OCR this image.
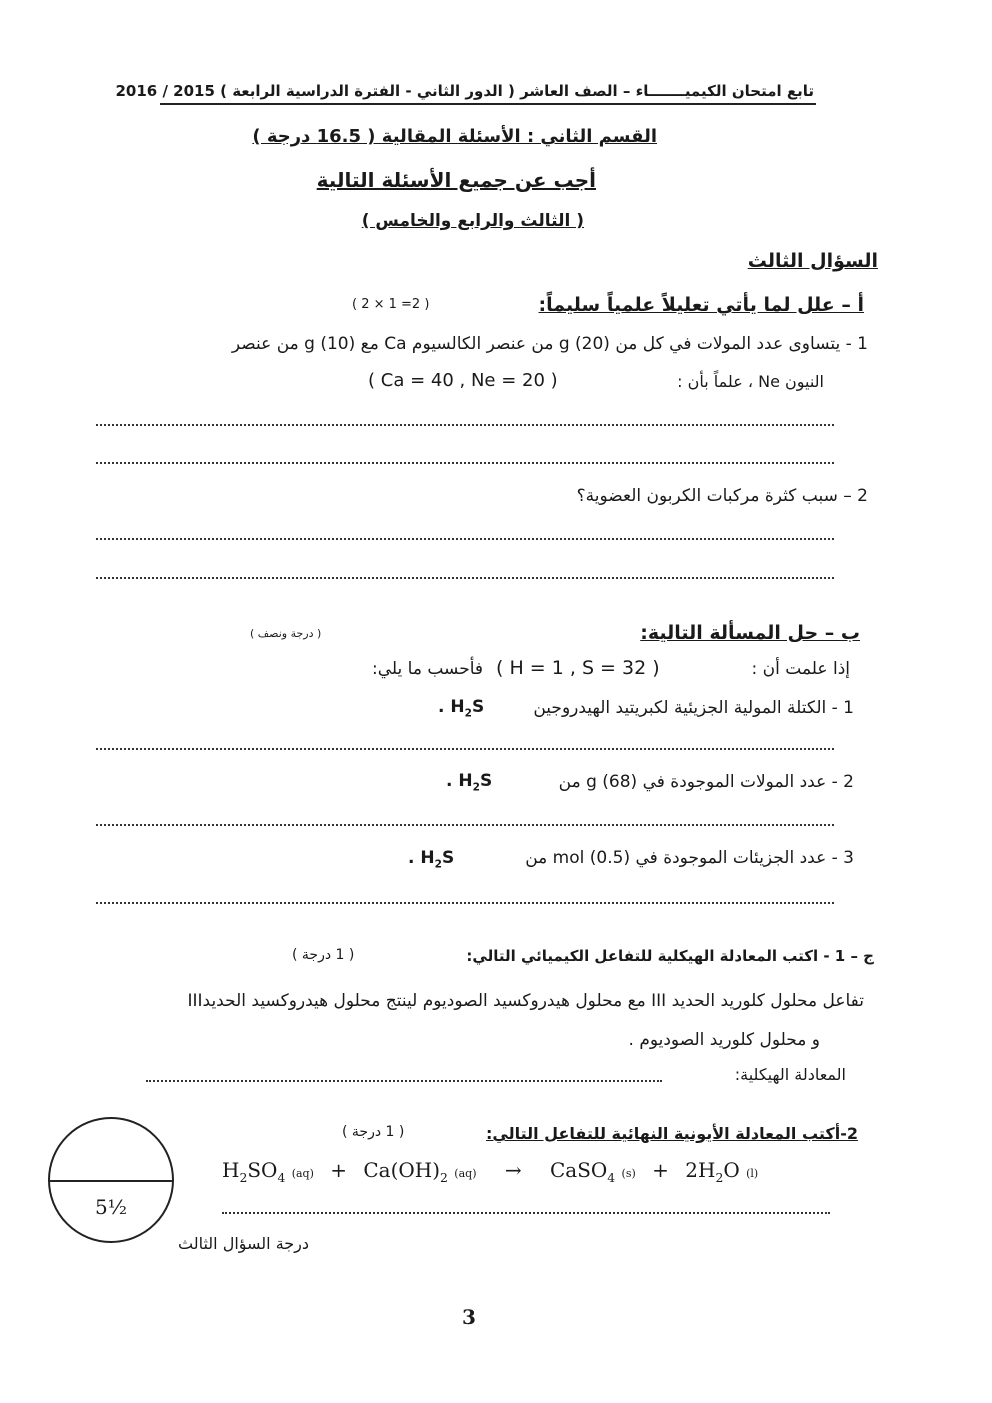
تابع امتحان الكيميـــــــاء – الصف العاشر ( الدور الثاني - الفترة الدراسية الرابعة ) 2015 / 2016
القسم الثاني : الأسئلة المقالية ( 16.5 درجة )
أجب عن جميع الأسئلة التالية
( الثالث والرابع والخامس )
السؤال الثالث
أ – علل لما يأتي تعليلاً علمياً سليماً:
( 2 × 1 =2 )
1 - يتساوى عدد المولات في كل من g (20) من عنصر الكالسيوم Ca مع g (10) من عنصر
النيون Ne ، علماً بأن :
( Ca = 40 , Ne = 20 )
2 – سبب كثرة مركبات الكربون العضوية؟
ب – حل المسألة التالية:
( درجة ونصف )
إذا علمت أن :
( H = 1 , S = 32 )
فأحسب ما يلي:
1 - الكتلة المولية الجزيئية لكبريتيد الهيدروجين
. $H_2S$
2 - عدد المولات الموجودة في g (68) من
. $H_2S$
3 - عدد الجزيئات الموجودة في (0.5) mol من
. $H_2S$
ج – 1 - اكتب المعادلة الهيكلية للتفاعل الكيميائي التالي:
( 1 درجة )
تفاعل محلول كلوريد الحديد III مع محلول هيدروكسيد الصوديوم لينتج محلول هيدروكسيد الحديدIII
و محلول كلوريد الصوديوم .
المعادلة الهيكلية:
2-أكتب المعادلة الأيونية النهائية للتفاعل التالي:
( 1 درجة )
$H_2SO_4$ $(aq) + Ca(OH)_2$ (aq) → CaSO$_4$ $(s) + 2H_2O$ (l)
5½
درجة السؤال الثالث
3
